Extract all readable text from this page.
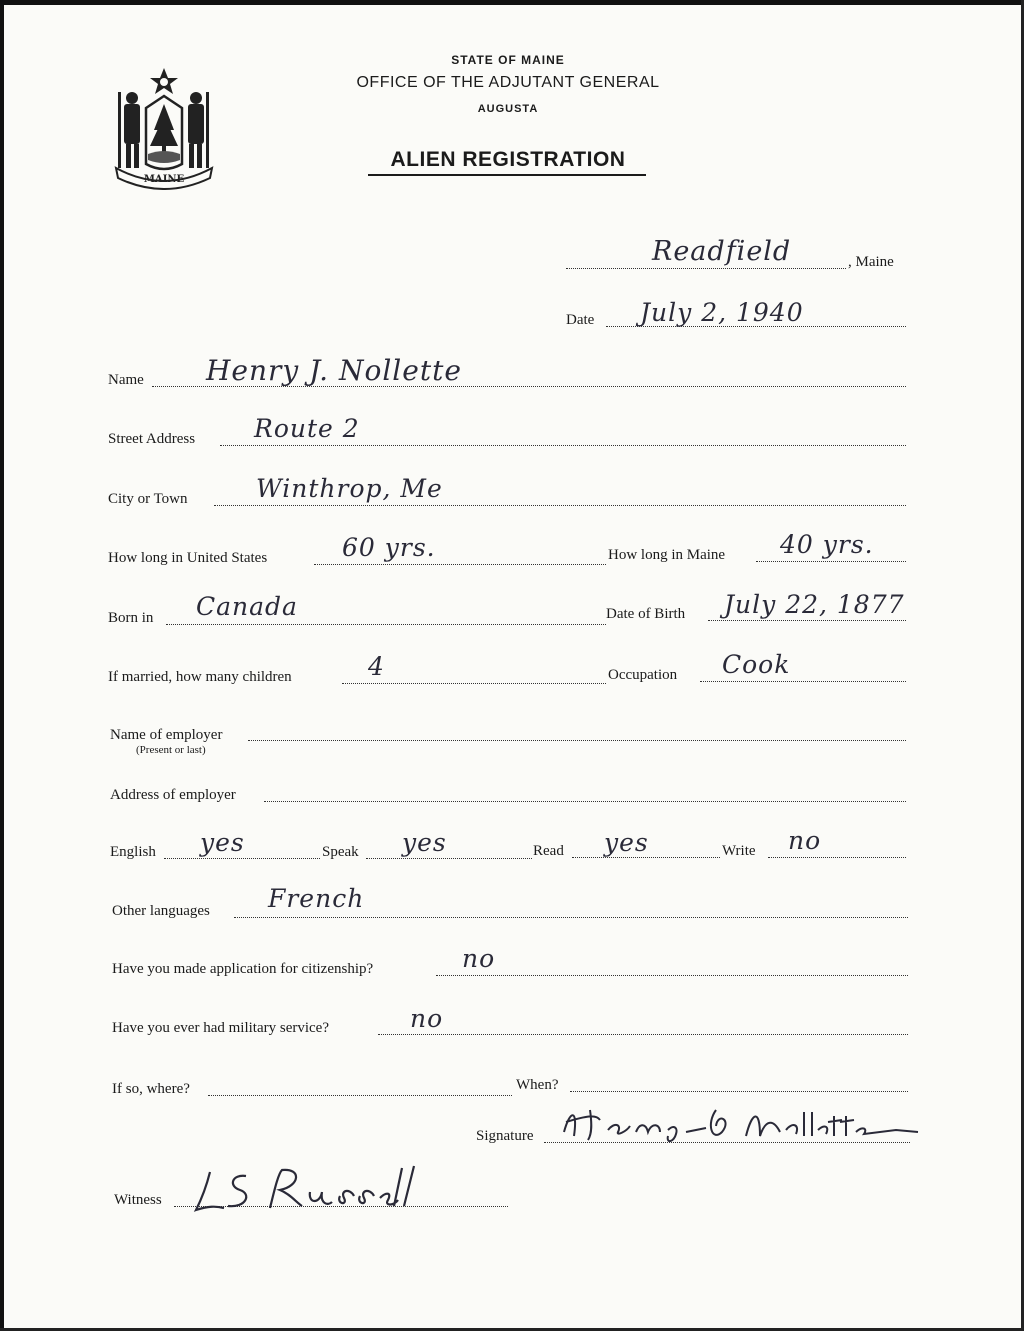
MAINE
STATE OF MAINE
OFFICE OF THE ADJUTANT GENERAL
AUGUSTA
ALIEN REGISTRATION
Readfield	, Maine
Date July 2, 1940
Name Henry J. Nollette
Street Address Route 2
City or Town	Winthrop, Me
How long in United States	60 yrs.	How long in Maine 40 yrs.
Born in Canada	Date of Birth July 22, 1877
If married, how many children	4	Occupation Cook
Name of employer
(Present or last)
Address of employer
English yes	Speak yes	Read yes	Write no
Other languages French
Have you made application for citizenship?	no
Have you ever had military service?	no
If so, where?	When?
Signature
Witness
